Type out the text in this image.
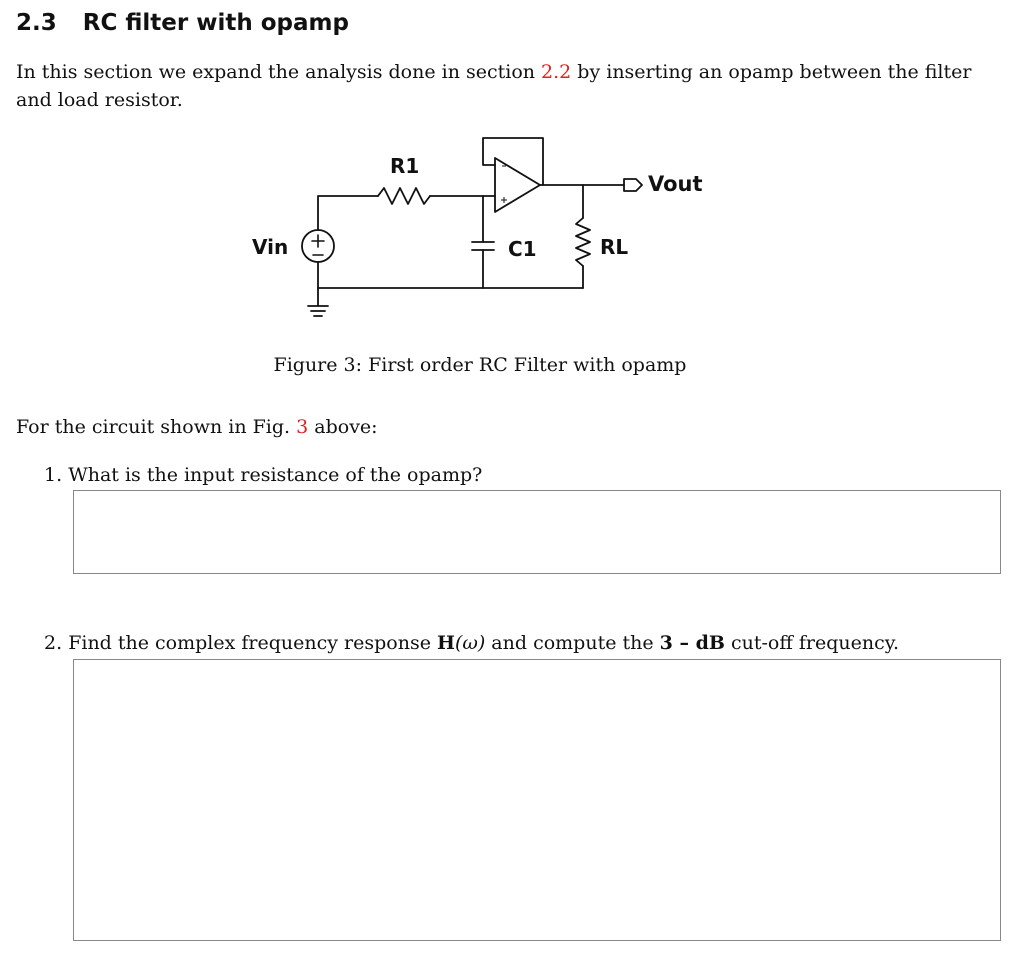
2.3 RC filter with opamp

In this section we expand the analysis done in section 2.2 by inserting an opamp between the filter and load resistor.

R1
C1	RL
Vin
Vout

Figure 3: First order RC Filter with opamp

For the circuit shown in Fig. 3 above:

1. What is the input resistance of the opamp?

2. Find the complex frequency response H(ω) and compute the 3 – dB cut-off frequency.
